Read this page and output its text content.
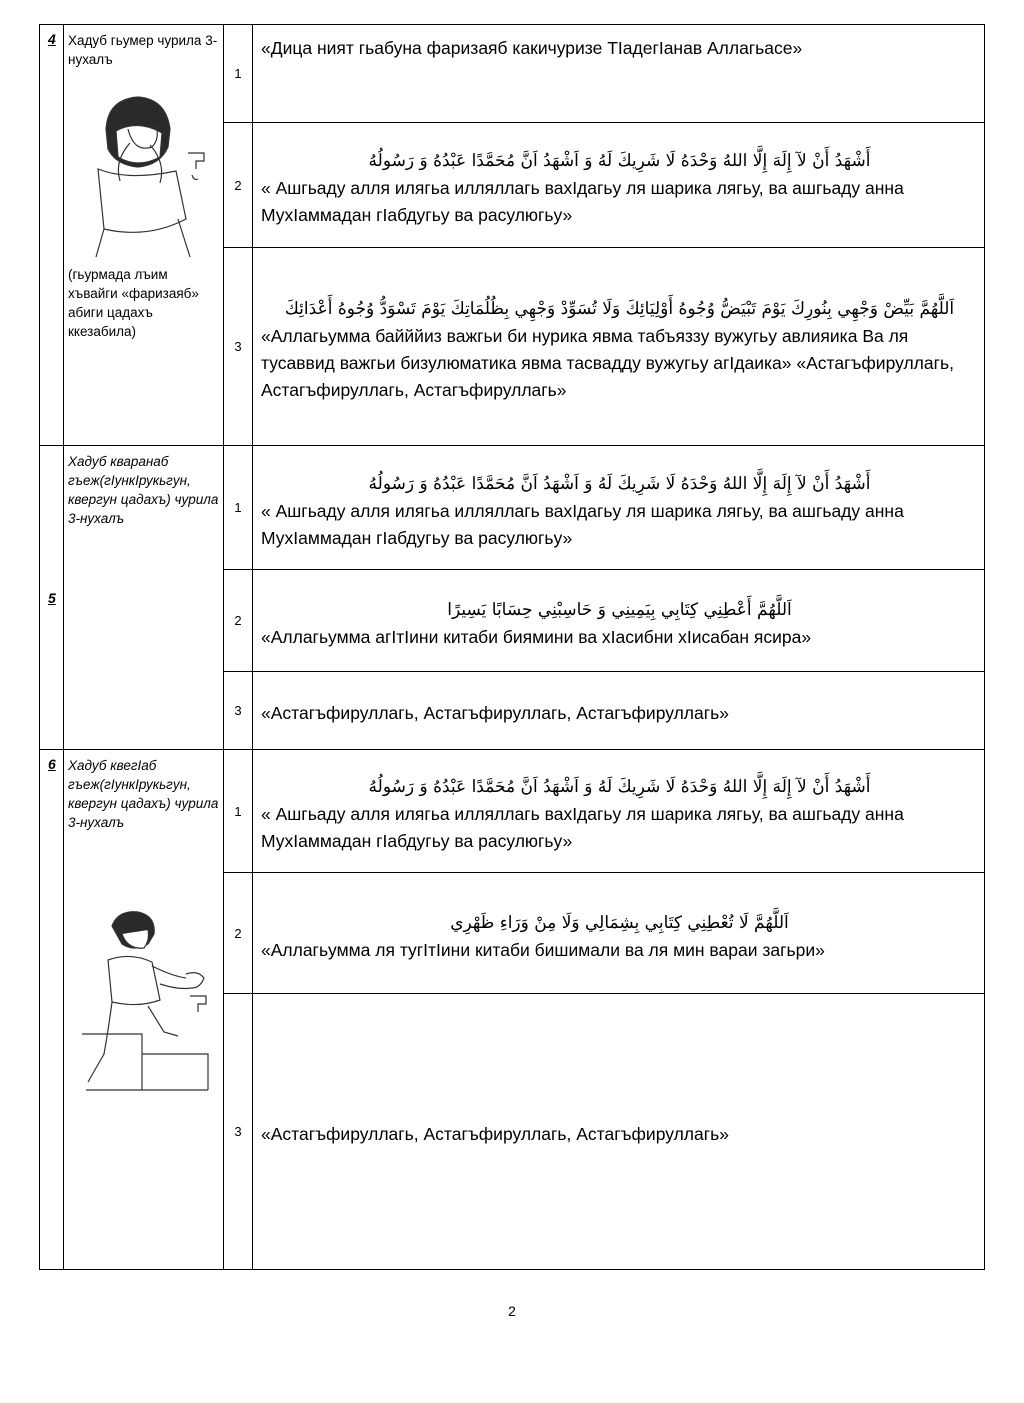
4	Хадуб гьумер чурила 3-нухалъ
(гьурмада лъим хъвайги «фаризаяб» абиги цадахъ ккезабила)	1	«Дица ният гьабуна фаризаяб какичуризе ТIадегIанав Аллагьасе»

		2	أَشْهَدُ أَنْ لآ إِلَهَ إِلَّا اللهُ وَحْدَهُ لَا شَرِيكَ لَهُ وَ اَشْهَدُ اَنَّ مُحَمَّدًا عَبْدُهُ وَ رَسُولُهُ
« Ашгьаду алля илягьа илляллагь вахIдагьу ля шарика лягьу, ва ашгьаду анна МухIаммадан гIабдугьу ва расулюгьу»

		3	اَللَّهُمَّ بَيِّضْ وَجْهِي بِنُورِكَ يَوْمَ تَبْيَضُّ وُجُوهُ أَوْلِيَائِكَ وَلَا تُسَوِّدْ وَجْهِي بِظُلُمَاتِكَ يَوْمَ تَسْوَدُّ وُجُوهُ أَعْدَائِكَ
«Аллагьумма байййиз важгьи би нурика явма табъяззу вужугьу авлияика Ва ля тусаввид важгьи бизулюматика явма тасвадду вужугьу агIдаика» «Астагъфируллагь, Астагъфируллагь, Астагъфируллагь»

5	Хадуб кваранаб гъеж(гIункIрукьгун, квергун цадахъ) чурила 3-нухалъ	1	أَشْهَدُ أَنْ لآ إِلَهَ إِلَّا اللهُ وَحْدَهُ لَا شَرِيكَ لَهُ وَ اَشْهَدُ اَنَّ مُحَمَّدًا عَبْدُهُ وَ رَسُولُهُ
« Ашгьаду алля илягьа илляллагь вахIдагьу ля шарика лягьу, ва ашгьаду анна МухIаммадан гIабдугьу ва расулюгьу»

		2	اَللَّهُمَّ أَعْطِنِي كِتَابِي بِيَمِينِي وَ حَاسِبْنِي حِسَابًا يَسِيرًا
«Аллагьумма агIтIини китаби биямини ва хIасибни хIисабан ясира»

		3	«Астагъфируллагь, Астагъфируллагь, Астагъфируллагь»

6	Хадуб квегIаб гъеж(гIункIрукьгун, квергун цадахъ) чурила 3-нухалъ	1	أَشْهَدُ أَنْ لآ إِلَهَ إِلَّا اللهُ وَحْدَهُ لَا شَرِيكَ لَهُ وَ اَشْهَدُ اَنَّ مُحَمَّدًا عَبْدُهُ وَ رَسُولُهُ
« Ашгьаду алля илягьа илляллагь вахIдагьу ля шарика лягьу, ва ашгьаду анна МухIаммадан гIабдугьу ва расулюгьу»

		2	اَللَّهُمَّ لَا تُعْطِنِي كِتَابِي بِشِمَالِي وَلَا مِنْ وَرَاءِ ظَهْرِي
«Аллагьумма ля тугIтIини китаби бишимали ва ля мин вараи загьри»

		3	«Астагъфируллагь, Астагъфируллагь, Астагъфируллагь»
2
